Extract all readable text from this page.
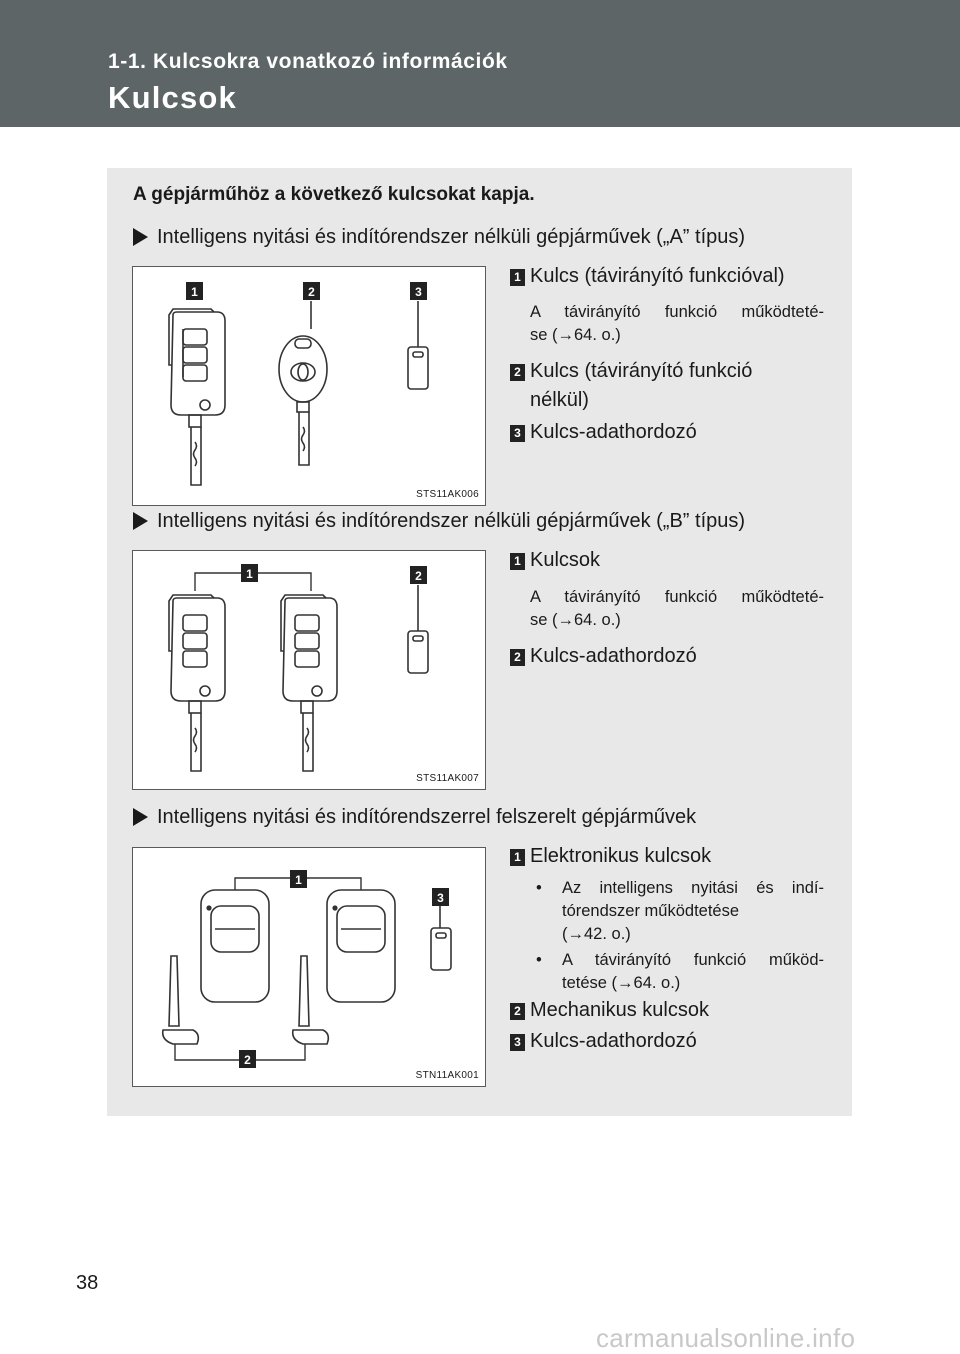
1-1. Kulcsokra vonatkozó információk
Kulcsok
A gépjárműhöz a következő kulcsokat kapja.
Intelligens nyitási és indítórendszer nélküli gépjárművek („A” típus)
1	2	3
STS11AK006
1 Kulcs (távirányító funkcióval)
A távirányító funkció működteté-
se (→64. o.)
2 Kulcs (távirányító funkció
nélkül)
3 Kulcs-adathordozó
Intelligens nyitási és indítórendszer nélküli gépjárművek („B” típus)
1	2
STS11AK007
1 Kulcsok
A távirányító funkció működteté-
se (→64. o.)
2 Kulcs-adathordozó
Intelligens nyitási és indítórendszerrel felszerelt gépjárművek
1
3
2
STN11AK001
1 Elektronikus kulcsok
• Az intelligens nyitási és indí-
tórendszer működtetése
(→42. o.)
• A távirányító funkció működ-
tetése (→64. o.)
2 Mechanikus kulcsok
3 Kulcs-adathordozó
38
carmanualsonline.info
